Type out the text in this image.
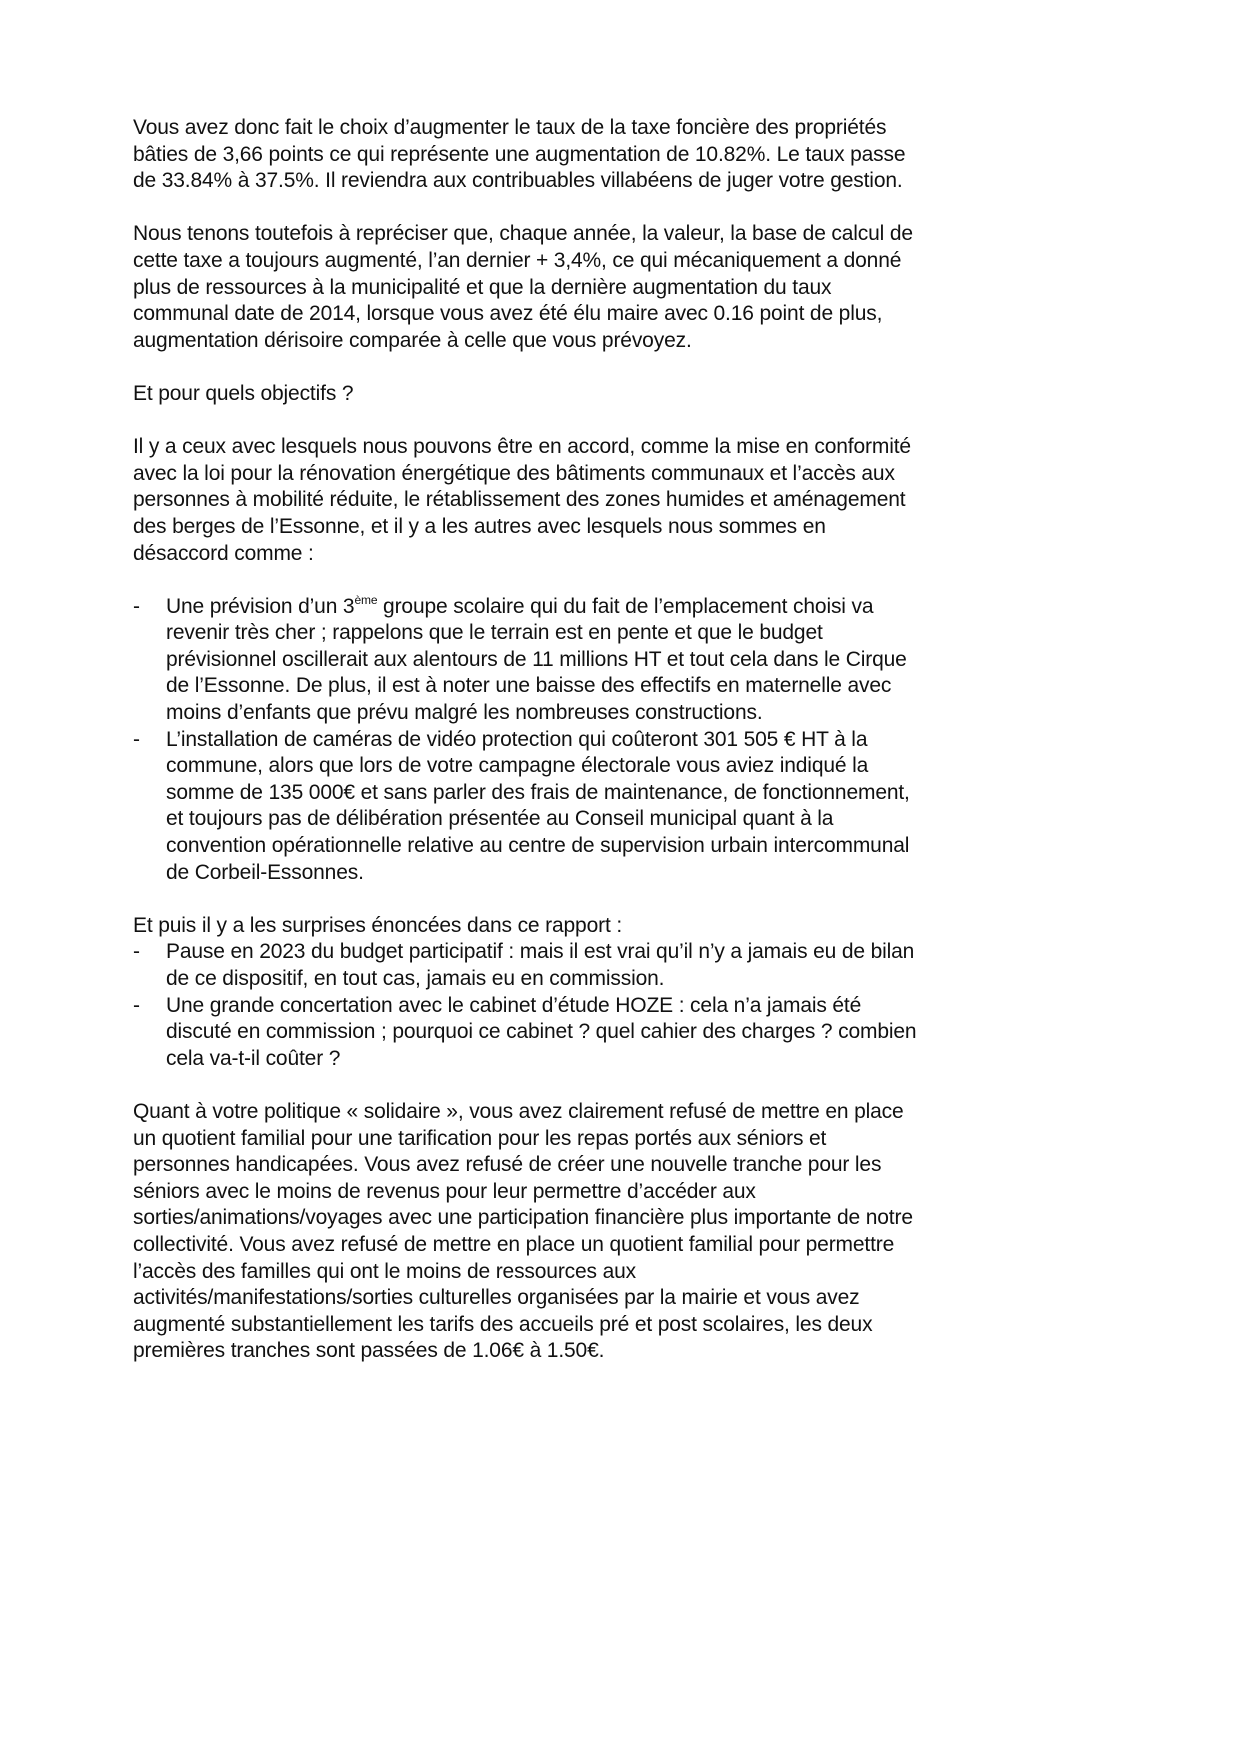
Vous avez donc fait le choix d’augmenter le taux de la taxe foncière des propriétés
bâties de 3,66 points ce qui représente une augmentation de 10.82%. Le taux passe
de 33.84% à 37.5%. Il reviendra aux contribuables villabéens de juger votre gestion.
Nous tenons toutefois à repréciser que, chaque année, la valeur, la base de calcul de
cette taxe a toujours augmenté, l’an dernier + 3,4%, ce qui mécaniquement a donné
plus de ressources à la municipalité et que la dernière augmentation du taux
communal date de 2014, lorsque vous avez été élu maire avec 0.16 point de plus,
augmentation dérisoire comparée à celle que vous prévoyez.
Et pour quels objectifs ?
Il y a ceux avec lesquels nous pouvons être en accord, comme la mise en conformité
avec la loi pour la rénovation énergétique des bâtiments communaux et l’accès aux
personnes à mobilité réduite, le rétablissement des zones humides et aménagement
des berges de l’Essonne, et il y a les autres avec lesquels nous sommes en
désaccord comme :
-	Une prévision d’un 3ème groupe scolaire qui du fait de l’emplacement choisi va
revenir très cher ; rappelons que le terrain est en pente et que le budget
prévisionnel oscillerait aux alentours de 11 millions HT et tout cela dans le Cirque
de l’Essonne. De plus, il est à noter une baisse des effectifs en maternelle avec
moins d’enfants que prévu malgré les nombreuses constructions.
-	L’installation de caméras de vidéo protection qui coûteront 301 505 € HT à la
commune, alors que lors de votre campagne électorale vous aviez indiqué la
somme de 135 000€ et sans parler des frais de maintenance, de fonctionnement,
et toujours pas de délibération présentée au Conseil municipal quant à la
convention opérationnelle relative au centre de supervision urbain intercommunal
de Corbeil-Essonnes.
Et puis il y a les surprises énoncées dans ce rapport :
-	Pause en 2023 du budget participatif : mais il est vrai qu’il n’y a jamais eu de bilan
de ce dispositif, en tout cas, jamais eu en commission.
-	Une grande concertation avec le cabinet d’étude HOZE : cela n’a jamais été
discuté en commission ; pourquoi ce cabinet ? quel cahier des charges ? combien
cela va-t-il coûter ?
Quant à votre politique « solidaire », vous avez clairement refusé de mettre en place
un quotient familial pour une tarification pour les repas portés aux séniors et
personnes handicapées. Vous avez refusé de créer une nouvelle tranche pour les
séniors avec le moins de revenus pour leur permettre d’accéder aux
sorties/animations/voyages avec une participation financière plus importante de notre
collectivité. Vous avez refusé de mettre en place un quotient familial pour permettre
l’accès des familles qui ont le moins de ressources aux
activités/manifestations/sorties culturelles organisées par la mairie et vous avez
augmenté substantiellement les tarifs des accueils pré et post scolaires, les deux
premières tranches sont passées de 1.06€ à 1.50€.
